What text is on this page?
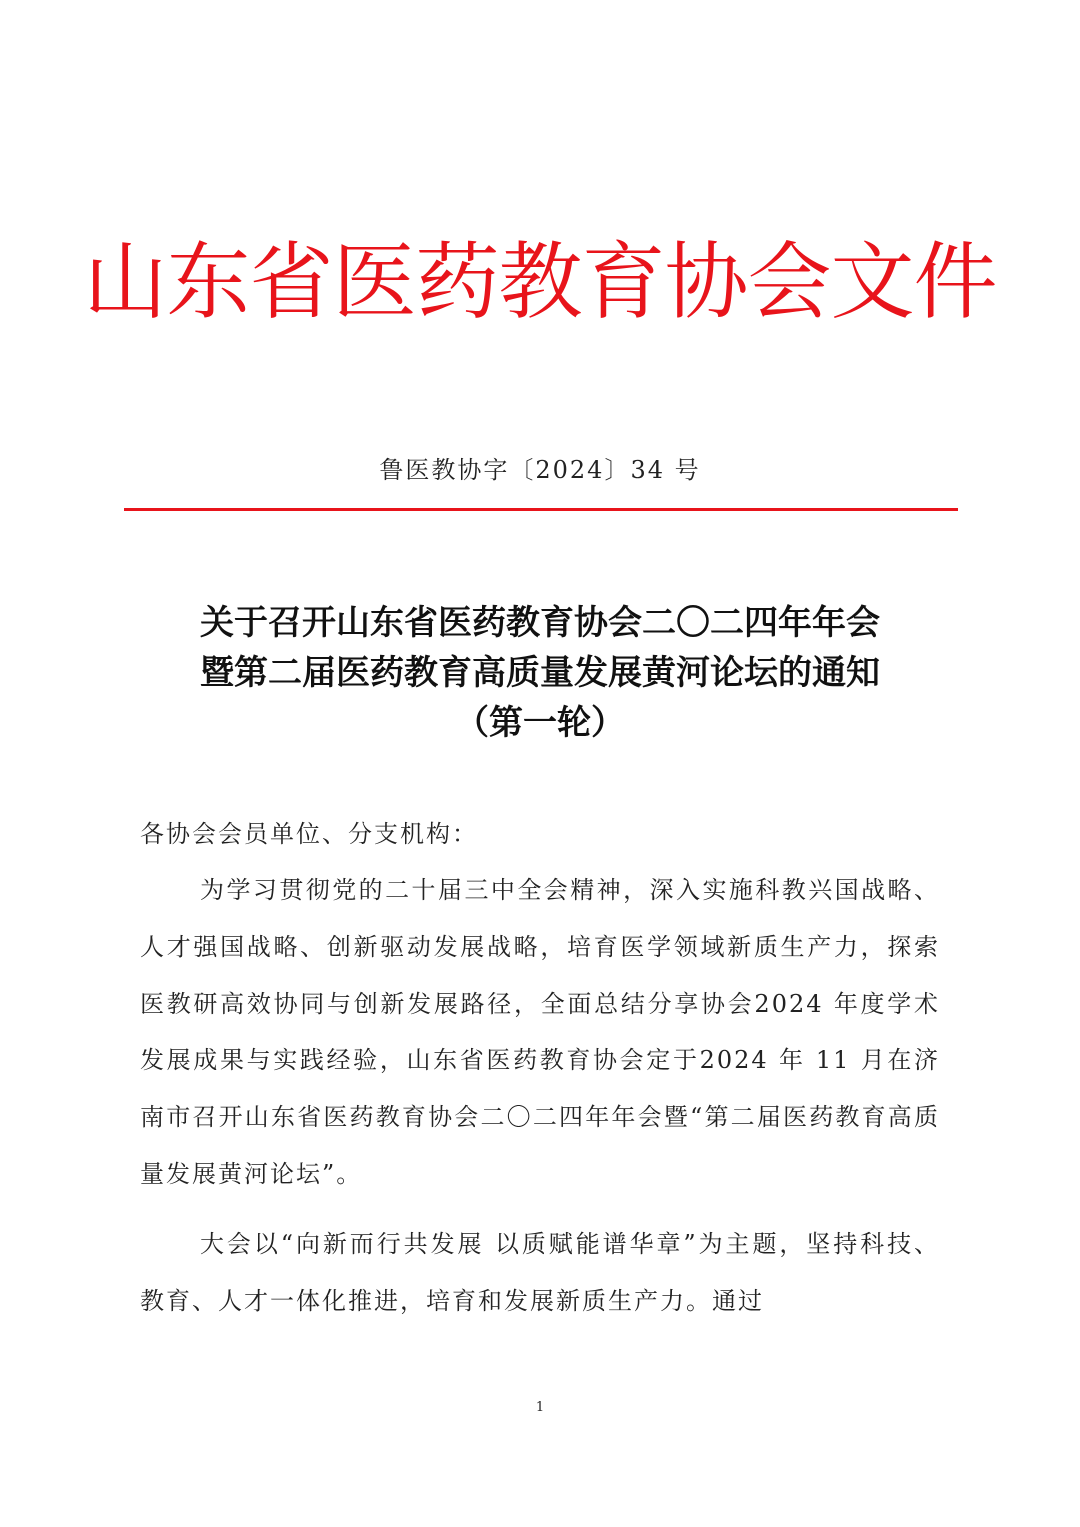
山东省医药教育协会文件
鲁医教协字〔2024〕34 号
关于召开山东省医药教育协会二〇二四年年会
暨第二届医药教育高质量发展黄河论坛的通知
（第一轮）
各协会会员单位、分支机构：
为学习贯彻党的二十届三中全会精神，深入实施科教兴国战略、人才强国战略、创新驱动发展战略，培育医学领域新质生产力，探索医教研高效协同与创新发展路径，全面总结分享协会2024 年度学术发展成果与实践经验，山东省医药教育协会定于2024 年 11 月在济南市召开山东省医药教育协会二〇二四年年会暨“第二届医药教育高质量发展黄河论坛”。
大会以“向新而行共发展 以质赋能谱华章”为主题，坚持科技、教育、人才一体化推进，培育和发展新质生产力。通过
1
